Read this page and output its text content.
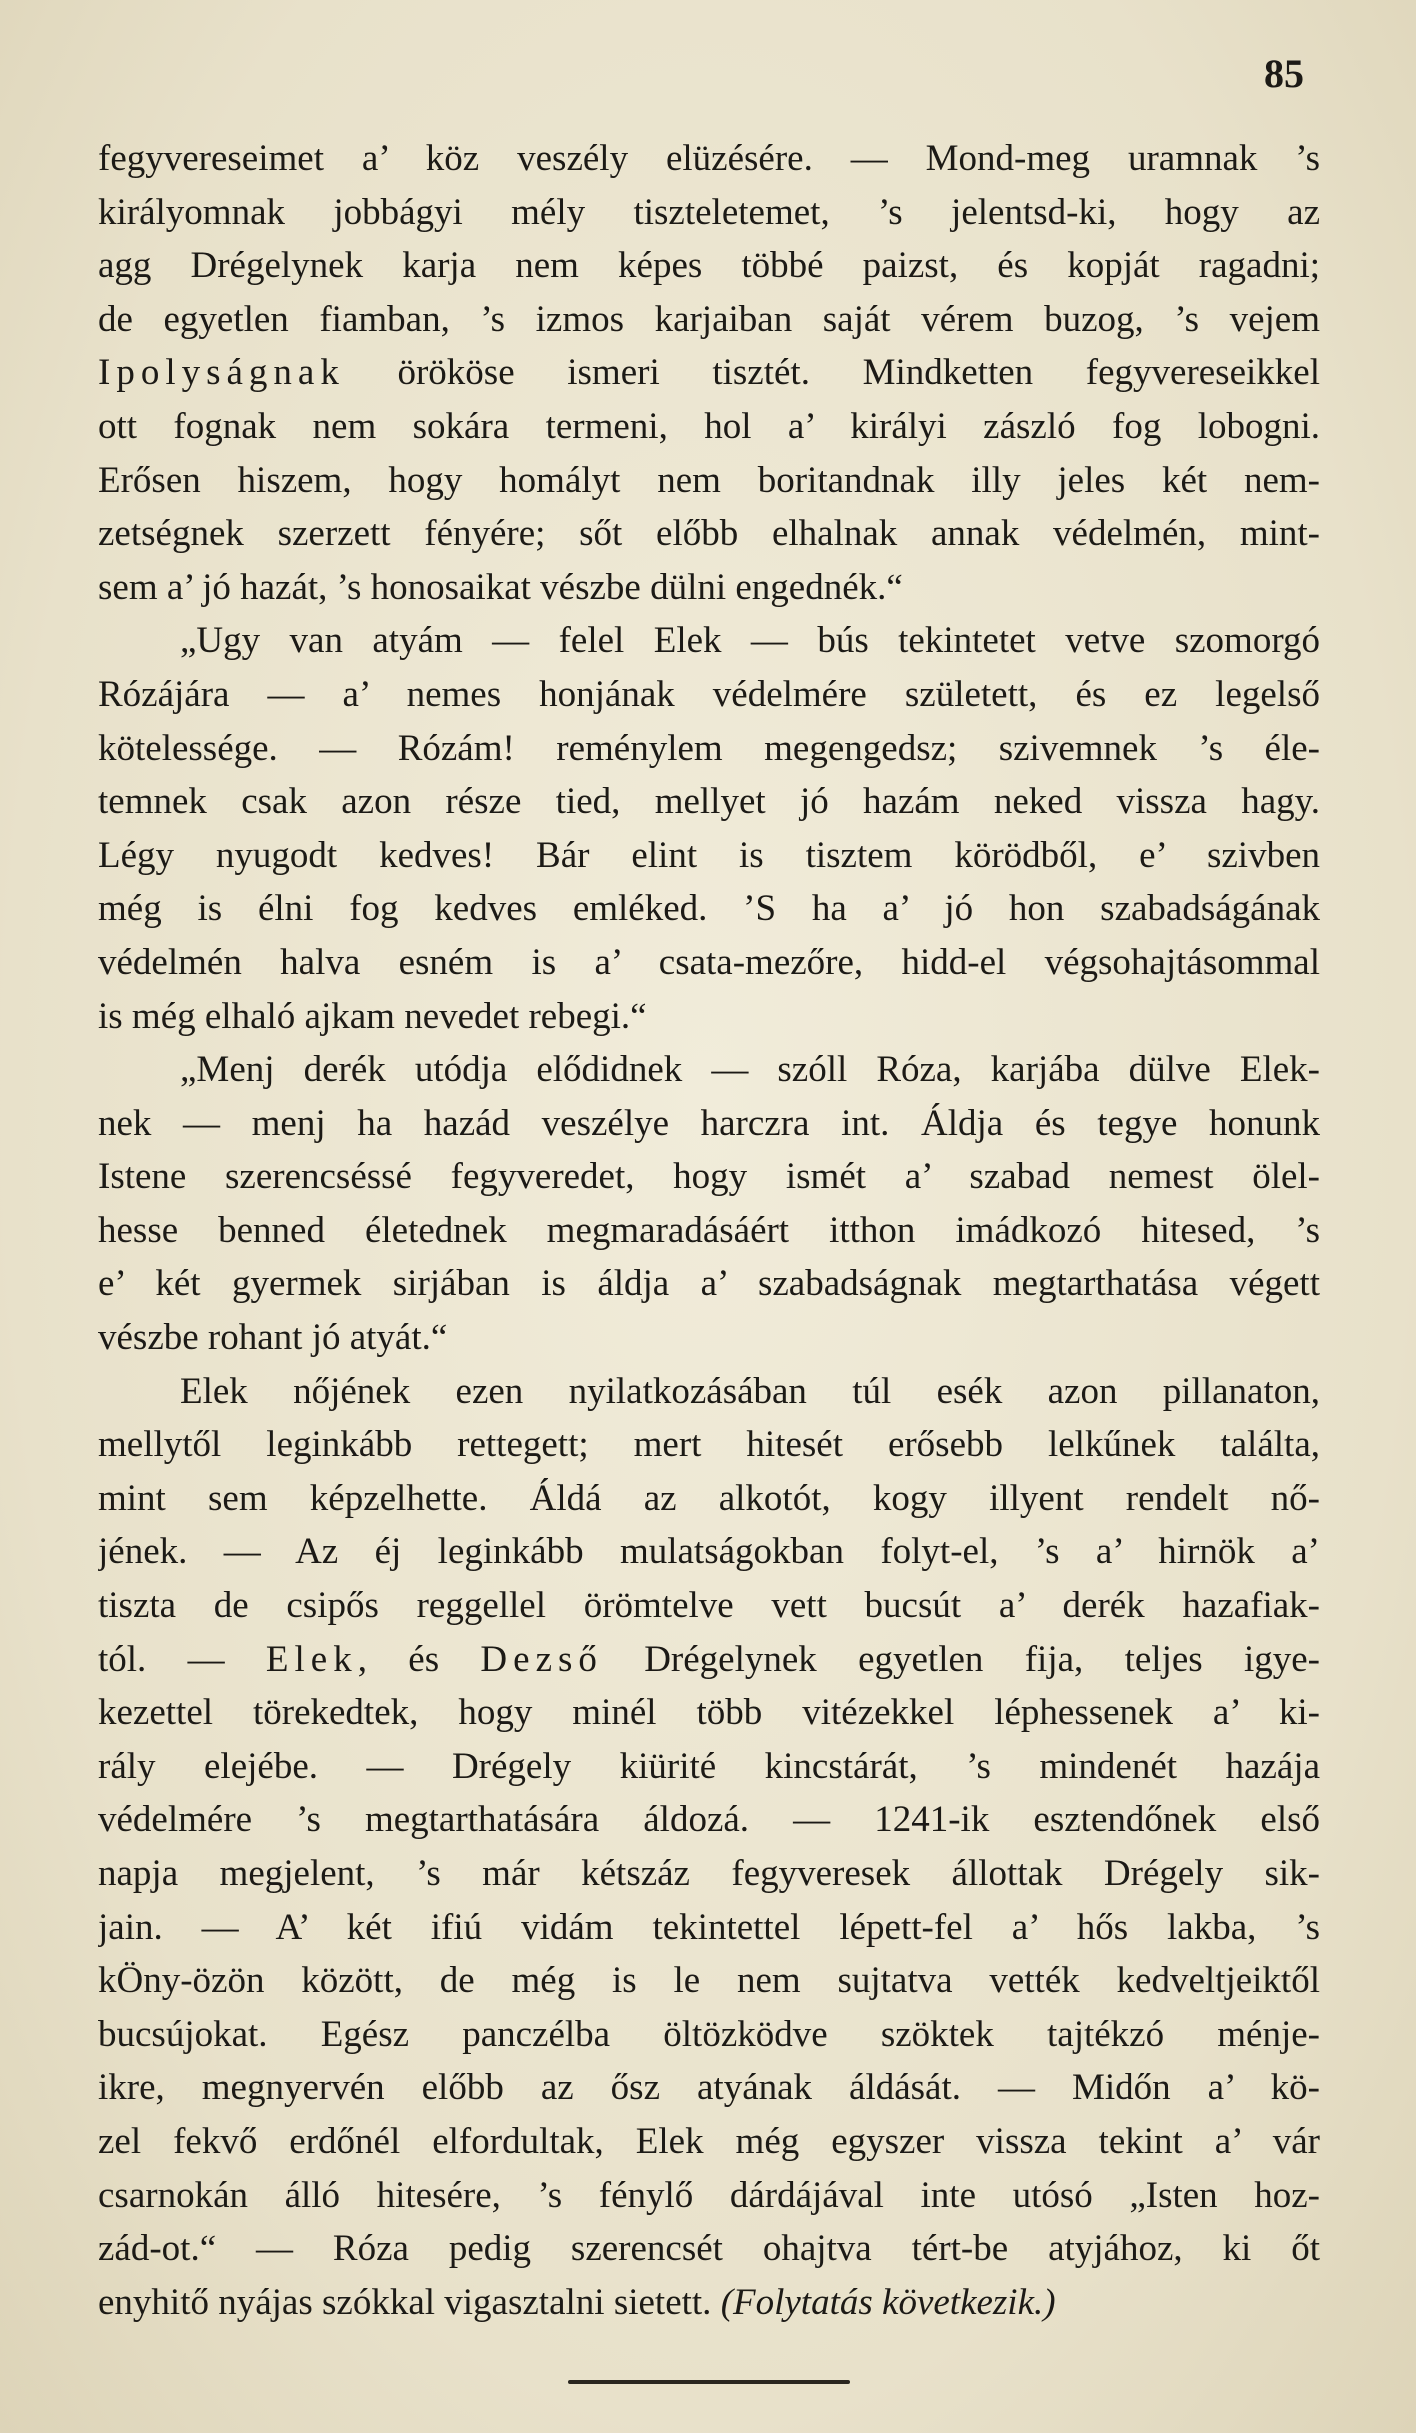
85
fegyvereseimet a’ köz veszély elüzésére. — Mond-meg uramnak ’s
királyomnak jobbágyi mély tiszteletemet, ’s jelentsd-ki, hogy az
agg Drégelynek karja nem képes többé paizst, és kopját ragadni;
de egyetlen fiamban, ’s izmos karjaiban saját vérem buzog, ’s vejem
Ipolyságnak örököse ismeri tisztét. Mindketten fegyvereseikkel
ott fognak nem sokára termeni, hol a’ királyi zászló fog lobogni.
Erősen hiszem, hogy homályt nem boritandnak illy jeles két nem-
zetségnek szerzett fényére; sőt előbb elhalnak annak védelmén, mint-
sem a’ jó hazát, ’s honosaikat vészbe dülni engednék.“
„Ugy van atyám — felel Elek — bús tekintetet vetve szomorgó
Rózájára — a’ nemes honjának védelmére született, és ez legelső
kötelessége. — Rózám! reménylem megengedsz; szivemnek ’s éle-
temnek csak azon része tied, mellyet jó hazám neked vissza hagy.
Légy nyugodt kedves! Bár elint is tisztem körödből, e’ szivben
még is élni fog kedves emléked. ’S ha a’ jó hon szabadságának
védelmén halva esném is a’ csata-mezőre, hidd-el végsohajtásommal
is még elhaló ajkam nevedet rebegi.“
„Menj derék utódja elődidnek — szóll Róza, karjába dülve Elek-
nek — menj ha hazád veszélye harczra int. Áldja és tegye honunk
Istene szerencséssé fegyveredet, hogy ismét a’ szabad nemest ölel-
hesse benned életednek megmaradásáért itthon imádkozó hitesed, ’s
e’ két gyermek sirjában is áldja a’ szabadságnak megtarthatása végett
vészbe rohant jó atyát.“
Elek nőjének ezen nyilatkozásában túl esék azon pillanaton,
mellytől leginkább rettegett; mert hitesét erősebb lelkűnek találta,
mint sem képzelhette. Áldá az alkotót, kogy illyent rendelt nő-
jének. — Az éj leginkább mulatságokban folyt-el, ’s a’ hirnök a’
tiszta de csipős reggellel örömtelve vett bucsút a’ derék hazafiak-
tól. — Elek, és Dezső Drégelynek egyetlen fija, teljes igye-
kezettel törekedtek, hogy minél több vitézekkel léphessenek a’ ki-
rály elejébe. — Drégely kiürité kincstárát, ’s mindenét hazája
védelmére ’s megtarthatására áldozá. — 1241-ik esztendőnek első
napja megjelent, ’s már kétszáz fegyveresek állottak Drégely sik-
jain. — A’ két ifiú vidám tekintettel lépett-fel a’ hős lakba, ’s
kÖny-özön között, de még is le nem sujtatva vették kedveltjeiktől
bucsújokat. Egész panczélba öltözködve szöktek tajtékzó ménje-
ikre, megnyervén előbb az ősz atyának áldását. — Midőn a’ kö-
zel fekvő erdőnél elfordultak, Elek még egyszer vissza tekint a’ vár
csarnokán álló hitesére, ’s fénylő dárdájával inte utósó „Isten hoz-
zád-ot.“ — Róza pedig szerencsét ohajtva tért-be atyjához, ki őt
enyhitő nyájas szókkal vigasztalni sietett. (Folytatás következik.)
